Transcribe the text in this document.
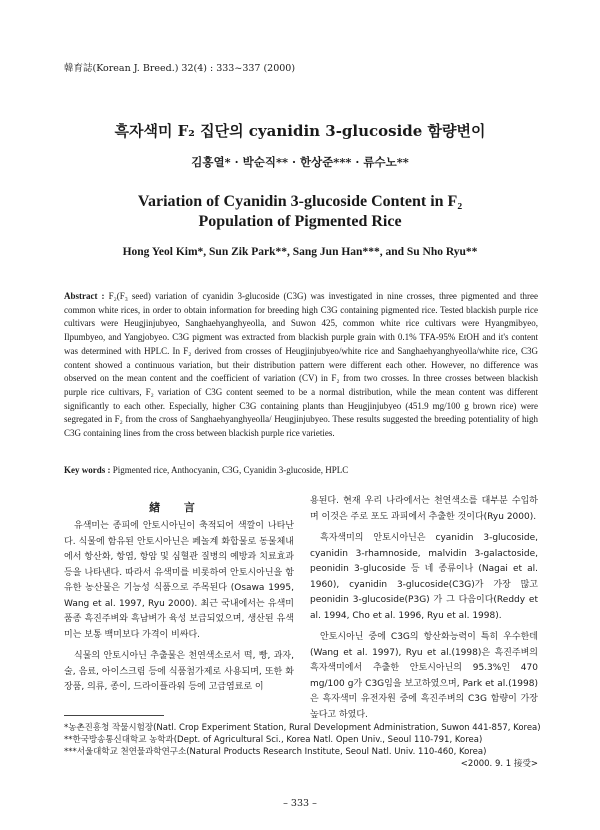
韓育誌(Korean J. Breed.) 32(4) : 333~337 (2000)
흑자색미 F₂ 집단의 cyanidin 3-glucoside 함량변이
김홍열* · 박순직** · 한상준*** · 류수노**
Variation of Cyanidin 3-glucoside Content in F₂
Population of Pigmented Rice
Hong Yeol Kim*, Sun Zik Park**, Sang Jun Han***, and Su Nho Ryu**
Abstract : F₂(F₃ seed) variation of cyanidin 3-glucoside (C3G) was investigated in nine crosses, three pigmented and three common white rices, in order to obtain information for breeding high C3G containing pigmented rice. Tested blackish purple rice cultivars were Heugjinjubyeo, Sanghaehyanghyeolla, and Suwon 425, common white rice cultivars were Hyangmibyeo, Ilpumbyeo, and Yangjobyeo. C3G pigment was extracted from blackish purple grain with 0.1% TFA-95% EtOH and it's content was determined with HPLC. In F₂ derived from crosses of Heugjinjubyeo/white rice and Sanghaehyanghyeolla/white rice, C3G content showed a continuous variation, but their distribution pattern were different each other. However, no difference was observed on the mean content and the coefficient of variation (CV) in F₂ from two crosses. In three crosses between blackish purple rice cultivars, F₂ variation of C3G content seemed to be a normal distribution, while the mean content was different significantly to each other. Especially, higher C3G containing plants than Heugjinjubyeo (451.9 mg/100 g brown rice) were segregated in F₂ from the cross of Sanghaehyanghyeolla/ Heugjinjubyeo. These results suggested the breeding potentiality of high C3G containing lines from the cross between blackish purple rice varieties.
Key words : Pigmented rice, Anthocyanin, C3G, Cyanidin 3-glucoside, HPLC
緖 言

유색미는 종피에 안토시아닌이 축적되어 색깔이 나타난다. 식물에 함유된 안토시아닌은 페놀계 화합물로 동물체내에서 항산화, 항염, 항암 및 심혈관 질병의 예방과 치료효과 등을 나타낸다. 따라서 유색미를 비롯하여 안토시아닌을 함유한 농산물은 기능성 식품으로 주목된다 (Osawa 1995, Wang et al. 1997, Ryu 2000). 최근 국내에서는 유색미품종 흑진주벼와 흑남벼가 육성 보급되었으며, 생산된 유색미는 보통 백미보다 가격이 비싸다.

식물의 안토시아닌 추출물은 천연색소로서 떡, 빵, 과자, 술, 음료, 아이스크림 등에 식품첨가제로 사용되며, 또한 화장품, 의류, 종이, 드라이플라워 등에 고급염료로 이

용된다. 현재 우리 나라에서는 천연색소를 대부분 수입하며 이것은 주로 포도 과피에서 추출한 것이다(Ryu 2000).

흑자색미의 안토시아닌은 cyanidin 3-glucoside, cyanidin 3-rhamnoside, malvidin 3-galactoside, peonidin 3-glucoside 등 네 종류이나 (Nagai et al. 1960), cyanidin 3-glucoside(C3G)가 가장 많고 peonidin 3-glucoside(P3G) 가 그 다음이다(Reddy et al. 1994, Cho et al. 1996, Ryu et al. 1998).

안토시아닌 중에 C3G의 항산화능력이 특히 우수한데 (Wang et al. 1997), Ryu et al.(1998)은 흑진주벼의 흑자색미에서 추출한 안토시아닌의 95.3%인 470 mg/100 g가 C3G임을 보고하였으며, Park et al.(1998)은 흑자색미 유전자원 중에 흑진주벼의 C3G 함량이 가장 높다고 하였다.

*농촌진흥청 작물시험장(Natl. Crop Experiment Station, Rural Development Administration, Suwon 441-857, Korea)
**한국방송통신대학교 농학과(Dept. of Agricultural Sci., Korea Natl. Open Univ., Seoul 110-791, Korea)
***서울대학교 천연물과학연구소(Natural Products Research Institute, Seoul Natl. Univ. 110-460, Korea)
<2000. 9. 1 接受>
– 333 –
